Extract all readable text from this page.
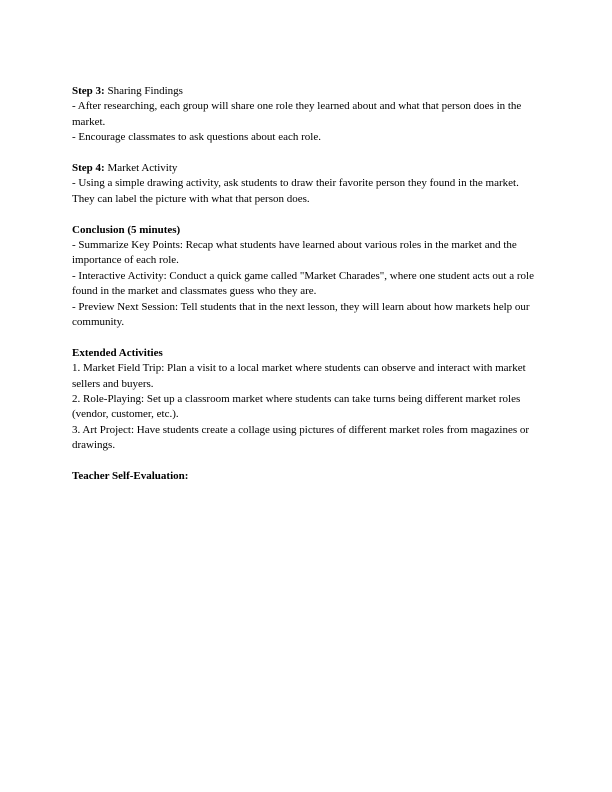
Step 3: Sharing Findings
- After researching, each group will share one role they learned about and what that person does in the market.
- Encourage classmates to ask questions about each role.
Step 4: Market Activity
- Using a simple drawing activity, ask students to draw their favorite person they found in the market. They can label the picture with what that person does.
Conclusion (5 minutes)
- Summarize Key Points: Recap what students have learned about various roles in the market and the importance of each role.
- Interactive Activity: Conduct a quick game called "Market Charades", where one student acts out a role found in the market and classmates guess who they are.
- Preview Next Session: Tell students that in the next lesson, they will learn about how markets help our community.
Extended Activities
1. Market Field Trip: Plan a visit to a local market where students can observe and interact with market sellers and buyers.
2. Role-Playing: Set up a classroom market where students can take turns being different market roles (vendor, customer, etc.).
3. Art Project: Have students create a collage using pictures of different market roles from magazines or drawings.
Teacher Self-Evaluation:
